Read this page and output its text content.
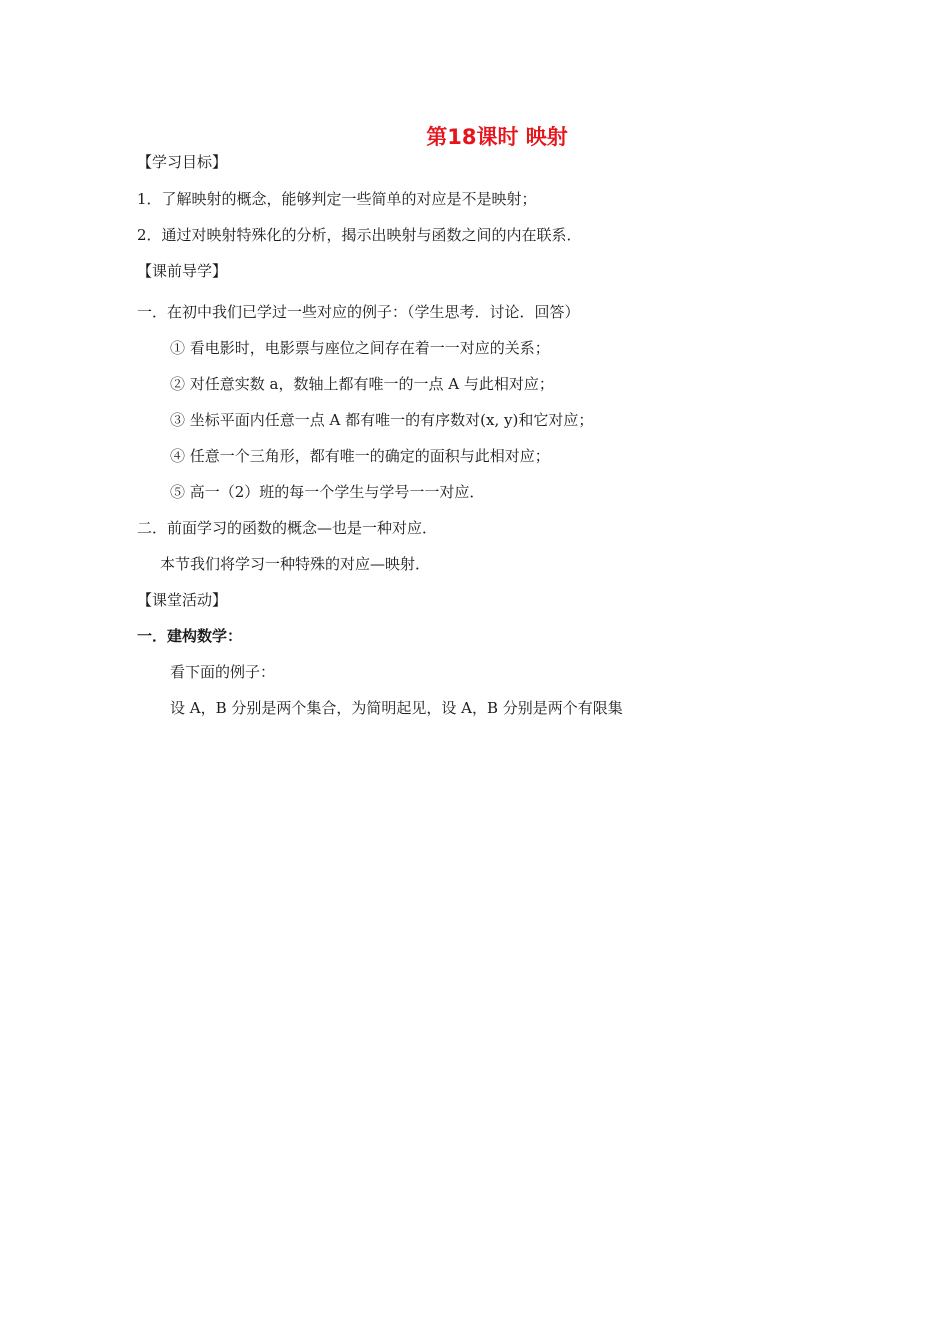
第18课时 映射
【学习目标】
1．了解映射的概念，能够判定一些简单的对应是不是映射；
2．通过对映射特殊化的分析，揭示出映射与函数之间的内在联系．
【课前导学】
一．在初中我们已学过一些对应的例子：（学生思考．讨论．回答）
① 看电影时，电影票与座位之间存在着一一对应的关系；
② 对任意实数 a，数轴上都有唯一的一点 A 与此相对应；
③ 坐标平面内任意一点 A 都有唯一的有序数对(x, y)和它对应；
④ 任意一个三角形，都有唯一的确定的面积与此相对应；
⑤ 高一（2）班的每一个学生与学号一一对应．
二．前面学习的函数的概念—也是一种对应．
本节我们将学习一种特殊的对应—映射．
【课堂活动】
一．建构数学：
看下面的例子：
设 A，B 分别是两个集合，为简明起见，设 A，B 分别是两个有限集
